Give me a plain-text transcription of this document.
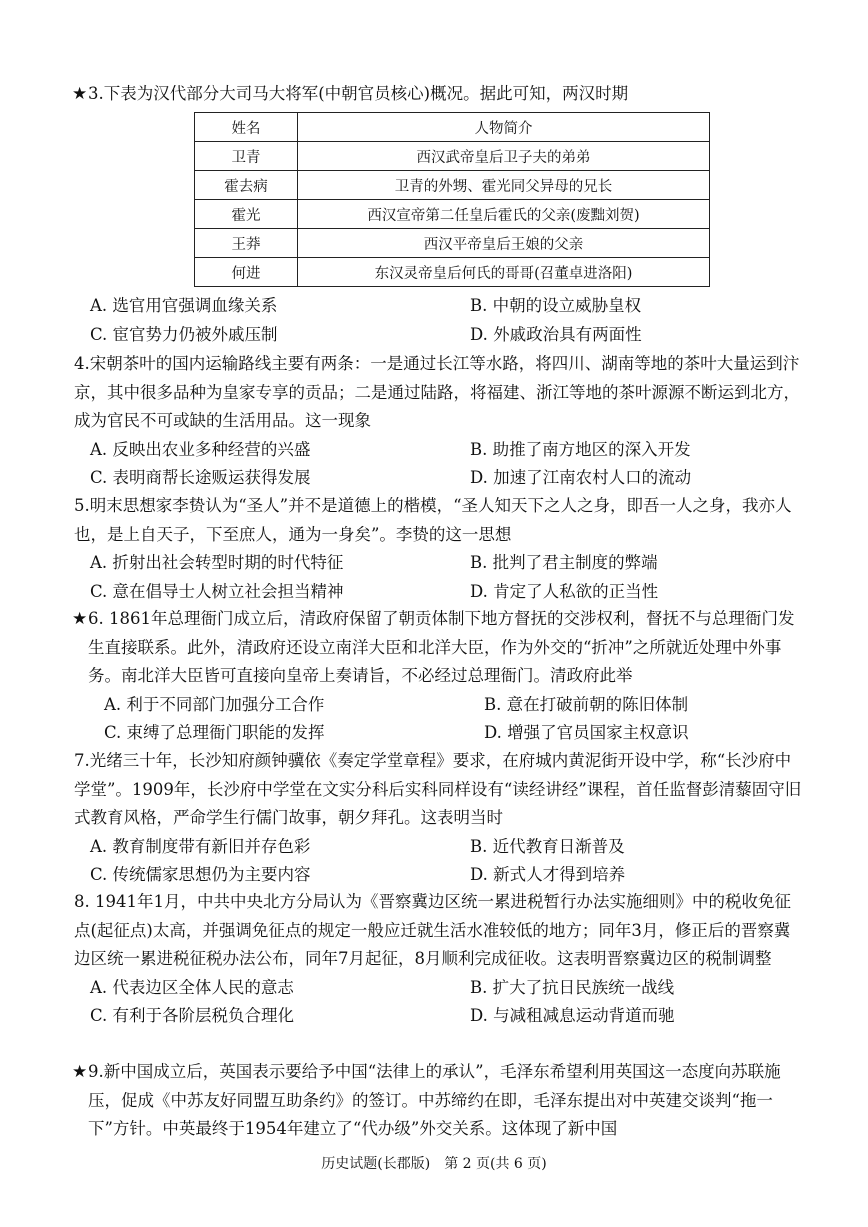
★ 3.下表为汉代部分大司马大将军(中朝官员核心)概况。据此可知，两汉时期
姓名	人物简介
卫青	西汉武帝皇后卫子夫的弟弟
霍去病	卫青的外甥、霍光同父异母的兄长
霍光	西汉宣帝第二任皇后霍氏的父亲(废黜刘贺)
王莽	西汉平帝皇后王娘的父亲
何进	东汉灵帝皇后何氏的哥哥(召董卓进洛阳)
A. 选官用官强调血缘关系	B. 中朝的设立威胁皇权
C. 宦官势力仍被外戚压制	D. 外戚政治具有两面性
4.宋朝茶叶的国内运输路线主要有两条：一是通过长江等水路，将四川、湖南等地的茶叶大量运到汴京，其中很多品种为皇家专享的贡品；二是通过陆路，将福建、浙江等地的茶叶源源不断运到北方，成为官民不可或缺的生活用品。这一现象
A. 反映出农业多种经营的兴盛	B. 助推了南方地区的深入开发
C. 表明商帮长途贩运获得发展	D. 加速了江南农村人口的流动
5.明末思想家李贽认为“圣人”并不是道德上的楷模，“圣人知天下之人之身，即吾一人之身，我亦人也，是上自天子，下至庶人，通为一身矣”。李贽的这一思想
A. 折射出社会转型时期的时代特征	B. 批判了君主制度的弊端
C. 意在倡导士人树立社会担当精神	D. 肯定了人私欲的正当性
★ 6. 1861年总理衙门成立后，清政府保留了朝贡体制下地方督抚的交涉权利，督抚不与总理衙门发生直接联系。此外，清政府还设立南洋大臣和北洋大臣，作为外交的“折冲”之所就近处理中外事务。南北洋大臣皆可直接向皇帝上奏请旨，不必经过总理衙门。清政府此举
A. 利于不同部门加强分工合作	B. 意在打破前朝的陈旧体制
C. 束缚了总理衙门职能的发挥	D. 增强了官员国家主权意识
7.光绪三十年，长沙知府颜钟骥依《奏定学堂章程》要求，在府城内黄泥街开设中学，称“长沙府中学堂”。1909年，长沙府中学堂在文实分科后实科同样设有“读经讲经”课程，首任监督彭清藜固守旧式教育风格，严命学生行儒门故事，朝夕拜孔。这表明当时
A. 教育制度带有新旧并存色彩	B. 近代教育日渐普及
C. 传统儒家思想仍为主要内容	D. 新式人才得到培养
8. 1941年1月，中共中央北方分局认为《晋察冀边区统一累进税暂行办法实施细则》中的税收免征点(起征点)太高，并强调免征点的规定一般应迁就生活水准较低的地方；同年3月，修正后的晋察冀边区统一累进税征税办法公布，同年7月起征，8月顺利完成征收。这表明晋察冀边区的税制调整
A. 代表边区全体人民的意志	B. 扩大了抗日民族统一战线
C. 有利于各阶层税负合理化	D. 与减租减息运动背道而驰
★ 9.新中国成立后，英国表示要给予中国“法律上的承认”，毛泽东希望利用英国这一态度向苏联施压，促成《中苏友好同盟互助条约》的签订。中苏缔约在即，毛泽东提出对中英建交谈判“拖一下”方针。中英最终于1954年建立了“代办级”外交关系。这体现了新中国
历史试题(长郡版)　第 2 页(共 6 页)
